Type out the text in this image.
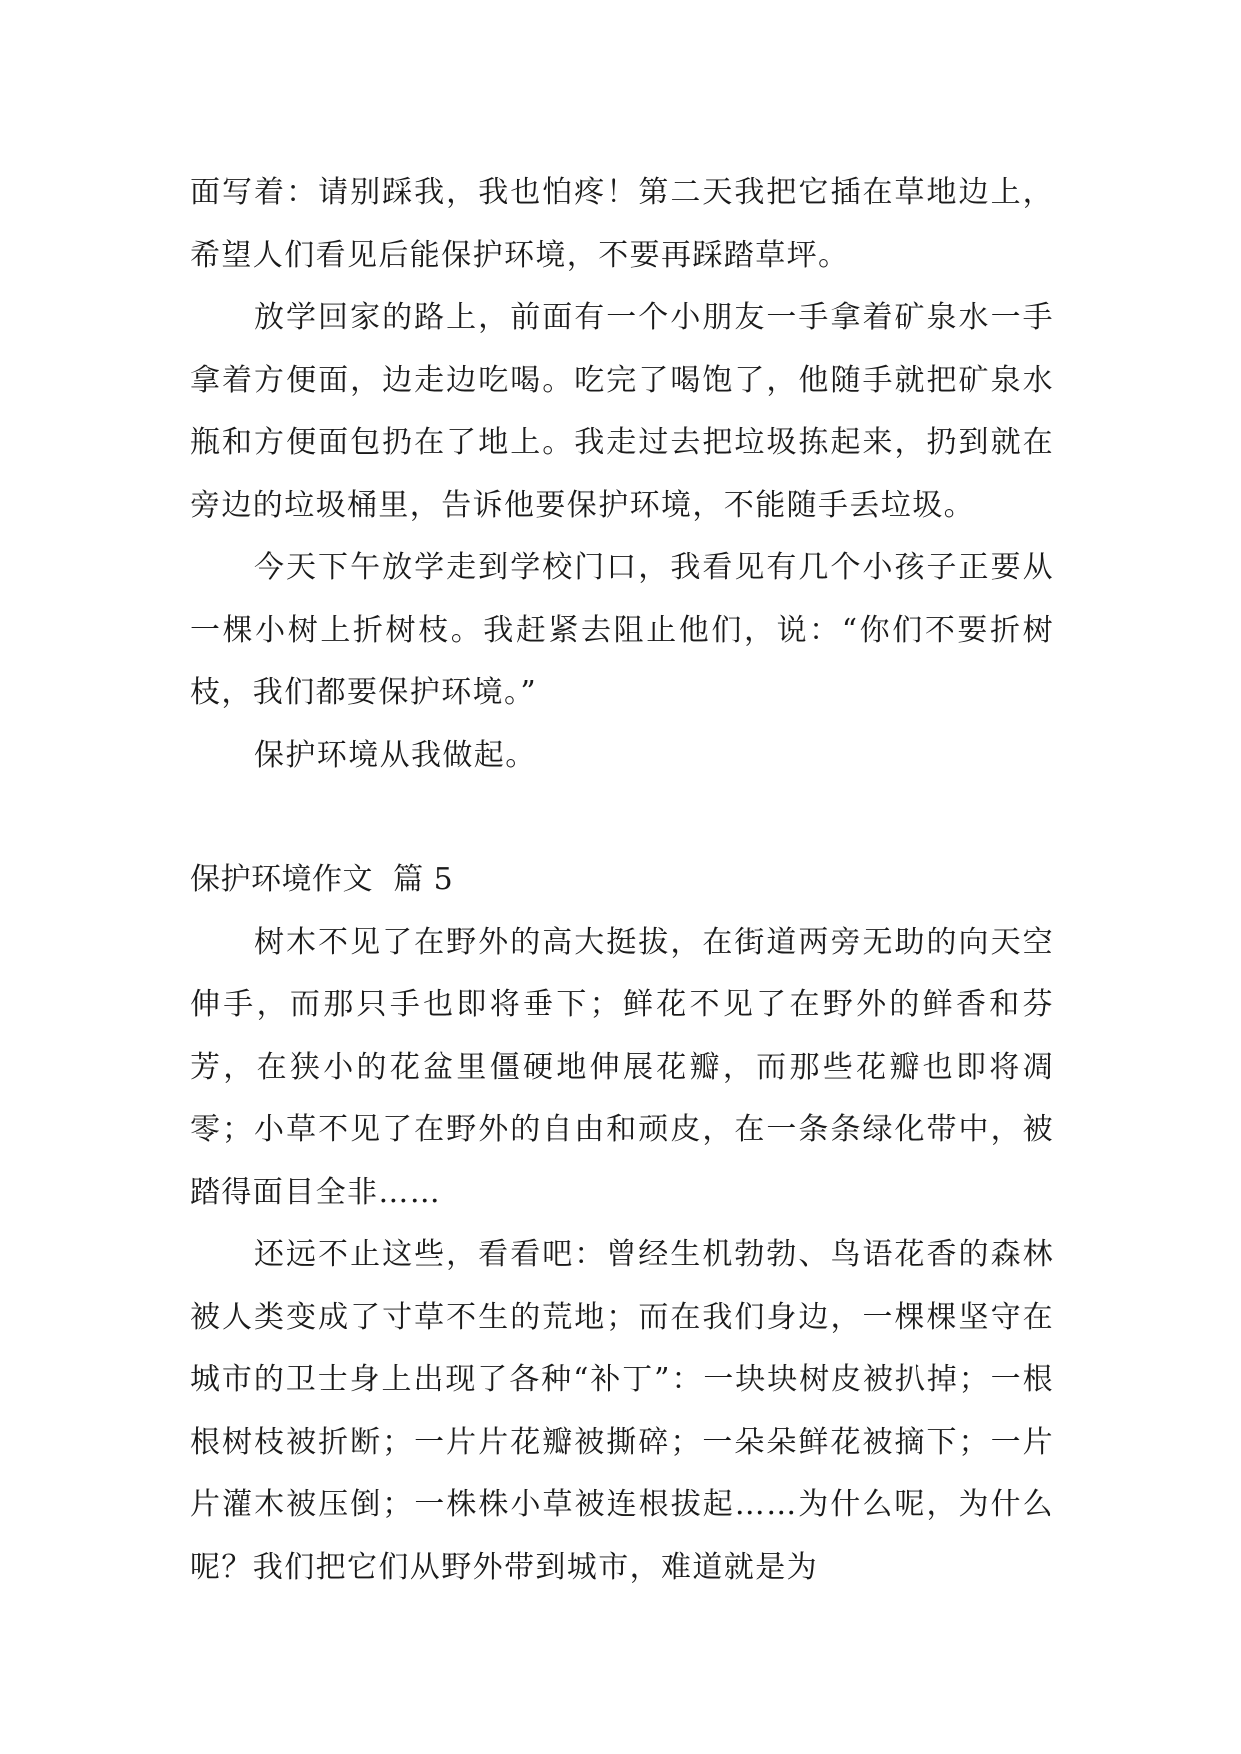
面写着：请别踩我，我也怕疼！第二天我把它插在草地边上，希望人们看见后能保护环境，不要再踩踏草坪。

放学回家的路上，前面有一个小朋友一手拿着矿泉水一手拿着方便面，边走边吃喝。吃完了喝饱了，他随手就把矿泉水瓶和方便面包扔在了地上。我走过去把垃圾拣起来，扔到就在旁边的垃圾桶里，告诉他要保护环境，不能随手丢垃圾。

今天下午放学走到学校门口，我看见有几个小孩子正要从一棵小树上折树枝。我赶紧去阻止他们，说：“你们不要折树枝，我们都要保护环境。”

保护环境从我做起。

保护环境作文  篇 5

树木不见了在野外的高大挺拔，在街道两旁无助的向天空伸手，而那只手也即将垂下；鲜花不见了在野外的鲜香和芬芳，在狭小的花盆里僵硬地伸展花瓣，而那些花瓣也即将凋零；小草不见了在野外的自由和顽皮，在一条条绿化带中，被踏得面目全非……

还远不止这些，看看吧：曾经生机勃勃、鸟语花香的森林被人类变成了寸草不生的荒地；而在我们身边，一棵棵坚守在城市的卫士身上出现了各种“补丁”：一块块树皮被扒掉；一根根树枝被折断；一片片花瓣被撕碎；一朵朵鲜花被摘下；一片片灌木被压倒；一株株小草被连根拔起……为什么呢，为什么呢？我们把它们从野外带到城市，难道就是为
